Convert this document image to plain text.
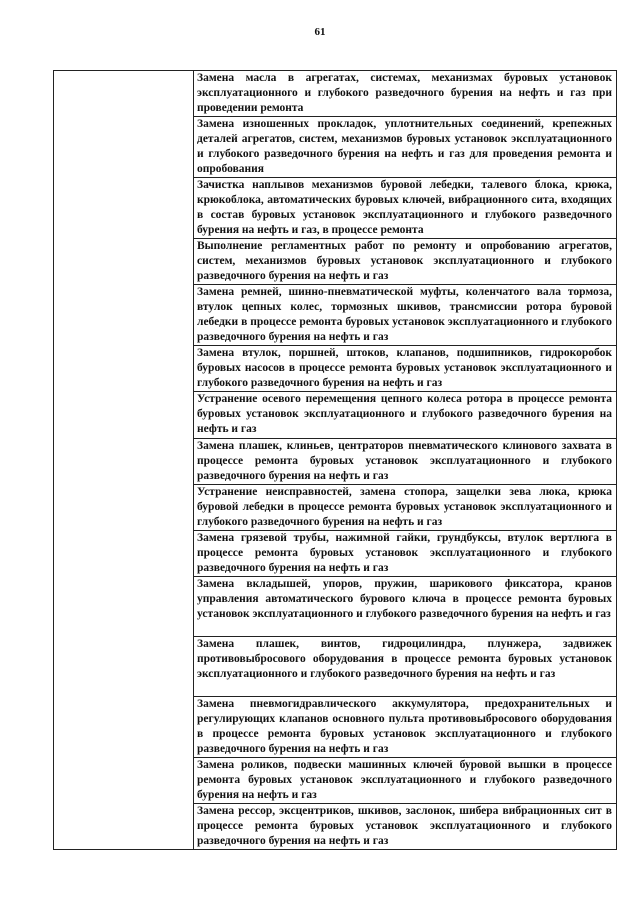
61

Замена масла в агрегатах, системах, механизмах буровых установок эксплуатационного и глубокого разведочного бурения на нефть и газ при проведении ремонта

Замена изношенных прокладок, уплотнительных соединений, крепежных деталей агрегатов, систем, механизмов буровых установок эксплуатационного и глубокого разведочного бурения на нефть и газ для проведения ремонта и опробования

Зачистка наплывов механизмов буровой лебедки, талевого блока, крюка, крюкоблока, автоматических буровых ключей, вибрационного сита, входящих в состав буровых установок эксплуатационного и глубокого разведочного бурения на нефть и газ, в процессе ремонта

Выполнение регламентных работ по ремонту и опробованию агрегатов, систем, механизмов буровых установок эксплуатационного и глубокого разведочного бурения на нефть и газ

Замена ремней, шинно-пневматической муфты, коленчатого вала тормоза, втулок цепных колес, тормозных шкивов, трансмиссии ротора буровой лебедки в процессе ремонта буровых установок эксплуатационного и глубокого разведочного бурения на нефть и газ

Замена втулок, поршней, штоков, клапанов, подшипников, гидрокоробок буровых насосов в процессе ремонта буровых установок эксплуатационного и глубокого разведочного бурения на нефть и газ

Устранение осевого перемещения цепного колеса ротора в процессе ремонта буровых установок эксплуатационного и глубокого разведочного бурения на нефть и газ

Замена плашек, клиньев, центраторов пневматического клинового захвата в процессе ремонта буровых установок эксплуатационного и глубокого разведочного бурения на нефть и газ

Устранение неисправностей, замена стопора, защелки зева люка, крюка буровой лебедки в процессе ремонта буровых установок эксплуатационного и глубокого разведочного бурения на нефть и газ

Замена грязевой трубы, нажимной гайки, грундбуксы, втулок вертлюга в процессе ремонта буровых установок эксплуатационного и глубокого разведочного бурения на нефть и газ

Замена вкладышей, упоров, пружин, шарикового фиксатора, кранов управления автоматического бурового ключа в процессе ремонта буровых установок эксплуатационного и глубокого разведочного бурения на нефть и газ

Замена плашек, винтов, гидроцилиндра, плунжера, задвижек противовыбросового оборудования в процессе ремонта буровых установок эксплуатационного и глубокого разведочного бурения на нефть и газ

Замена пневмогидравлического аккумулятора, предохранительных и регулирующих клапанов основного пульта противовыбросового оборудования в процессе ремонта буровых установок эксплуатационного и глубокого разведочного бурения на нефть и газ

Замена роликов, подвески машинных ключей буровой вышки в процессе ремонта буровых установок эксплуатационного и глубокого разведочного бурения на нефть и газ

Замена рессор, эксцентриков, шкивов, заслонок, шибера вибрационных сит в процессе ремонта буровых установок эксплуатационного и глубокого разведочного бурения на нефть и газ
